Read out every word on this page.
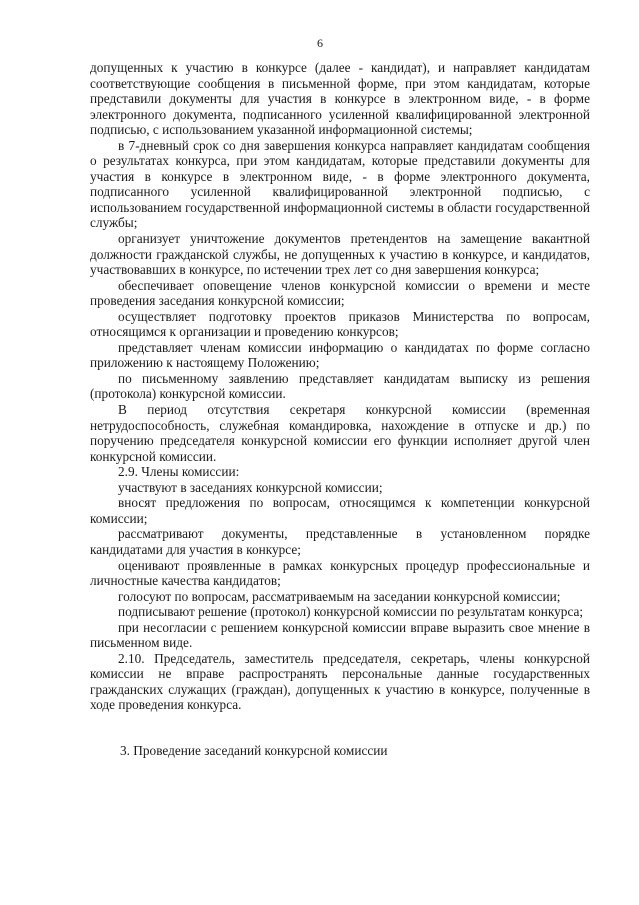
6

допущенных к участию в конкурсе (далее - кандидат), и направляет кандидатам соответствующие сообщения в письменной форме, при этом кандидатам, которые представили документы для участия в конкурсе в электронном виде, - в форме электронного документа, подписанного усиленной квалифицированной электронной подписью, с использованием указанной информационной системы;

в 7-дневный срок со дня завершения конкурса направляет кандидатам сообщения о результатах конкурса, при этом кандидатам, которые представили документы для участия в конкурсе в электронном виде, - в форме электронного документа, подписанного усиленной квалифицированной электронной подписью, с использованием государственной информационной системы в области государственной службы;

организует уничтожение документов претендентов на замещение вакантной должности гражданской службы, не допущенных к участию в конкурсе, и кандидатов, участвовавших в конкурсе, по истечении трех лет со дня завершения конкурса;

обеспечивает оповещение членов конкурсной комиссии о времени и месте проведения заседания конкурсной комиссии;

осуществляет подготовку проектов приказов Министерства по вопросам, относящимся к организации и проведению конкурсов;

представляет членам комиссии информацию о кандидатах по форме согласно приложению к настоящему Положению;

по письменному заявлению представляет кандидатам выписку из решения (протокола) конкурсной комиссии.

В период отсутствия секретаря конкурсной комиссии (временная нетрудоспособность, служебная командировка, нахождение в отпуске и др.) по поручению председателя конкурсной комиссии его функции исполняет другой член конкурсной комиссии.

2.9. Члены комиссии:

участвуют в заседаниях конкурсной комиссии;

вносят предложения по вопросам, относящимся к компетенции конкурсной комиссии;

рассматривают документы, представленные в установленном порядке кандидатами для участия в конкурсе;

оценивают проявленные в рамках конкурсных процедур профессиональные и личностные качества кандидатов;

голосуют по вопросам, рассматриваемым на заседании конкурсной комиссии;

подписывают решение (протокол) конкурсной комиссии по результатам конкурса;

при несогласии с решением конкурсной комиссии вправе выразить свое мнение в письменном виде.

2.10. Председатель, заместитель председателя, секретарь, члены конкурсной комиссии не вправе распространять персональные данные государственных гражданских служащих (граждан), допущенных к участию в конкурсе, полученные в ходе проведения конкурса.

3. Проведение заседаний конкурсной комиссии
